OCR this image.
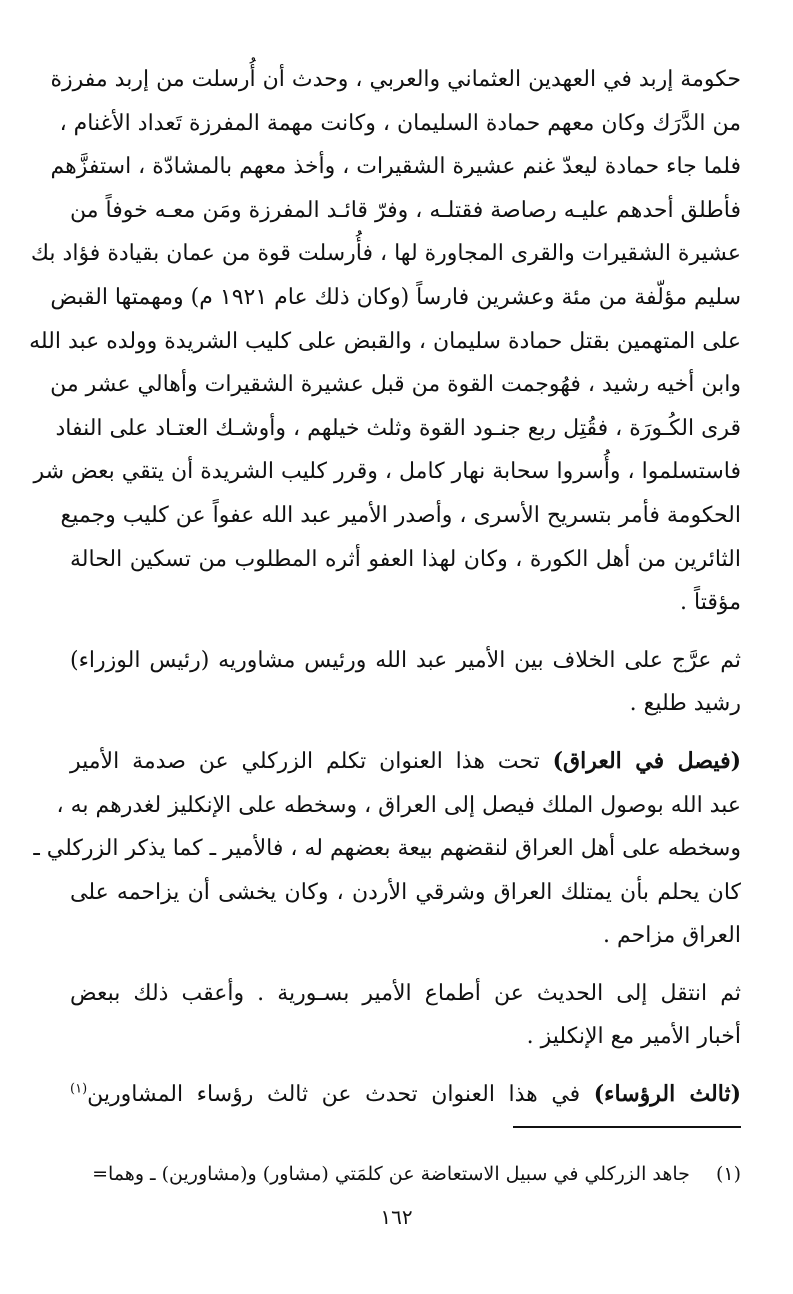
حكومة إربد في العهدين العثماني والعربي ، وحدث أن أُرسلت من إربد مفرزة
من الدَّرَك وكان معهم حمادة السليمان ، وكانت مهمة المفرزة تَعداد الأغنام ،
فلما جاء حمادة ليعدّ غنم عشيرة الشقيرات ، وأخذ معهم بالمشادّة ، استفزَّهم
فأطلق أحدهم عليـه رصاصة فقتلـه ، وفرّ قائـد المفرزة ومَن معـه خوفاً من
عشيرة الشقيرات والقرى المجاورة لها ، فأُرسلت قوة من عمان بقيادة فؤاد بك
سليم مؤلّفة من مئة وعشرين فارساً (وكان ذلك عام ١٩٢١ م) ومهمتها القبض
على المتهمين بقتل حمادة سليمان ، والقبض على كليب الشريدة وولده عبد الله
وابن أخيه رشيد ، فهُوجمت القوة من قبل عشيرة الشقيرات وأهالي عشر من
قرى الكُـورَة ، فقُتِل ربع جنـود القوة وثلث خيلهم ، وأوشـك العتـاد على النفاد
فاستسلموا ، وأُسروا سحابة نهار كامل ، وقرر كليب الشريدة أن يتقي بعض شر
الحكومة فأمر بتسريح الأسرى ، وأصدر الأمير عبد الله عفواً عن كليب وجميع
الثائرين من أهل الكورة ، وكان لهذا العفو أثره المطلوب من تسكين الحالة
مؤقتاً .

ثم عرَّج على الخلاف بين الأمير عبد الله ورئيس مشاوريه (رئيس الوزراء)
رشيد طليع .

(فيصل في العراق) تحت هذا العنوان تكلم الزركلي عن صدمة الأمير
عبد الله بوصول الملك فيصل إلى العراق ، وسخطه على الإنكليز لغدرهم به ،
وسخطه على أهل العراق لنقضهم بيعة بعضهم له ، فالأمير ـ كما يذكر الزركلي ـ
كان يحلم بأن يمتلك العراق وشرقي الأردن ، وكان يخشى أن يزاحمه على
العراق مزاحم .

ثم انتقل إلى الحديث عن أطماع الأمير بسـورية . وأعقب ذلك ببعض
أخبار الأمير مع الإنكليز .

(ثالث الرؤساء) في هذا العنوان تحدث عن ثالث رؤساء المشاورين$^{(١)}$

(١)جاهد الزركلي في سبيل الاستعاضة عن كلمَتي (مشاور) و(مشاورين) ـ وهما=
١٦٢
